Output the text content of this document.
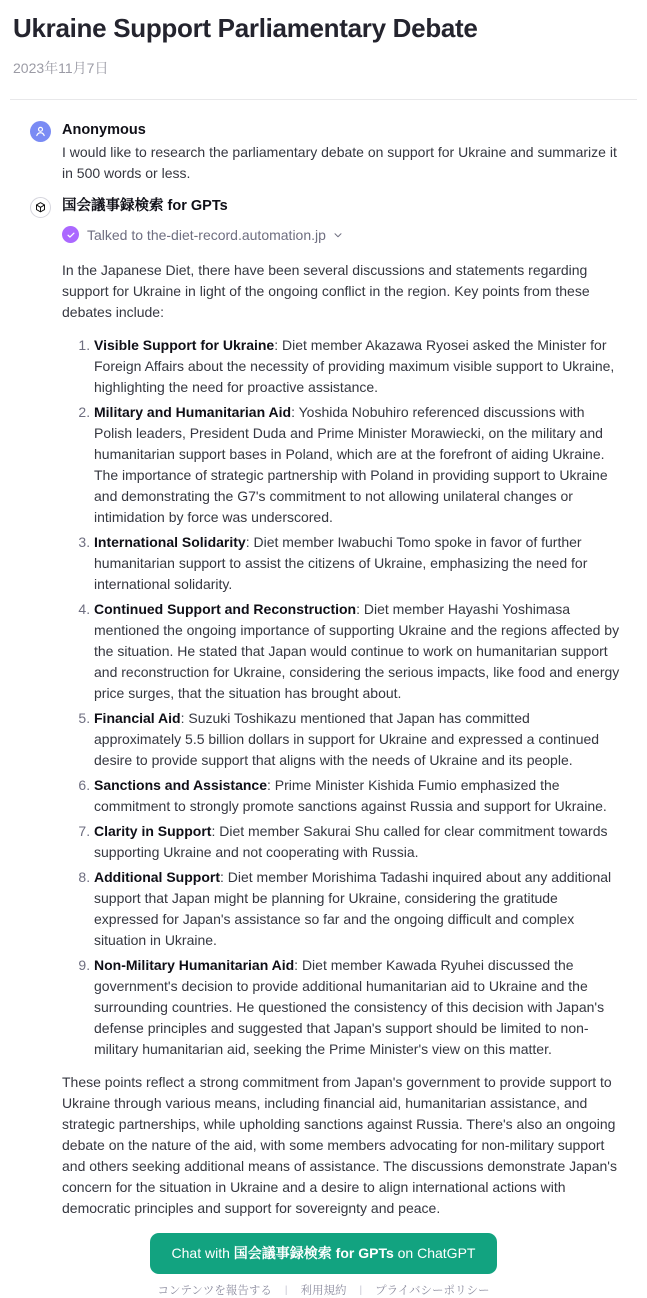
Ukraine Support Parliamentary Debate
2023年11月7日
Anonymous
I would like to research the parliamentary debate on support for Ukraine and summarize it in 500 words or less.
国会議事録検索 for GPTs
Talked to the-diet-record.automation.jp

In the Japanese Diet, there have been several discussions and statements regarding support for Ukraine in light of the ongoing conflict in the region. Key points from these debates include:

1. Visible Support for Ukraine: Diet member Akazawa Ryosei asked the Minister for Foreign Affairs about the necessity of providing maximum visible support to Ukraine, highlighting the need for proactive assistance.
2. Military and Humanitarian Aid: Yoshida Nobuhiro referenced discussions with Polish leaders, President Duda and Prime Minister Morawiecki, on the military and humanitarian support bases in Poland, which are at the forefront of aiding Ukraine. The importance of strategic partnership with Poland in providing support to Ukraine and demonstrating the G7's commitment to not allowing unilateral changes or intimidation by force was underscored.
3. International Solidarity: Diet member Iwabuchi Tomo spoke in favor of further humanitarian support to assist the citizens of Ukraine, emphasizing the need for international solidarity.
4. Continued Support and Reconstruction: Diet member Hayashi Yoshimasa mentioned the ongoing importance of supporting Ukraine and the regions affected by the situation. He stated that Japan would continue to work on humanitarian support and reconstruction for Ukraine, considering the serious impacts, like food and energy price surges, that the situation has brought about.
5. Financial Aid: Suzuki Toshikazu mentioned that Japan has committed approximately 5.5 billion dollars in support for Ukraine and expressed a continued desire to provide support that aligns with the needs of Ukraine and its people.
6. Sanctions and Assistance: Prime Minister Kishida Fumio emphasized the commitment to strongly promote sanctions against Russia and support for Ukraine.
7. Clarity in Support: Diet member Sakurai Shu called for clear commitment towards supporting Ukraine and not cooperating with Russia.
8. Additional Support: Diet member Morishima Tadashi inquired about any additional support that Japan might be planning for Ukraine, considering the gratitude expressed for Japan's assistance so far and the ongoing difficult and complex situation in Ukraine.
9. Non-Military Humanitarian Aid: Diet member Kawada Ryuhei discussed the government's decision to provide additional humanitarian aid to Ukraine and the surrounding countries. He questioned the consistency of this decision with Japan's defense principles and suggested that Japan's support should be limited to non-military humanitarian aid, seeking the Prime Minister's view on this matter.

These points reflect a strong commitment from Japan's government to provide support to Ukraine through various means, including financial aid, humanitarian assistance, and strategic partnerships, while upholding sanctions against Russia. There's also an ongoing debate on the nature of the aid, with some members advocating for non-military support and others seeking additional means of assistance. The discussions demonstrate Japan's concern for the situation in Ukraine and a desire to align international actions with democratic principles and support for sovereignty and peace.

Chat with 国会議事録検索 for GPTs on ChatGPT
コンテンツを報告する | 利用規約 | プライバシーポリシー
